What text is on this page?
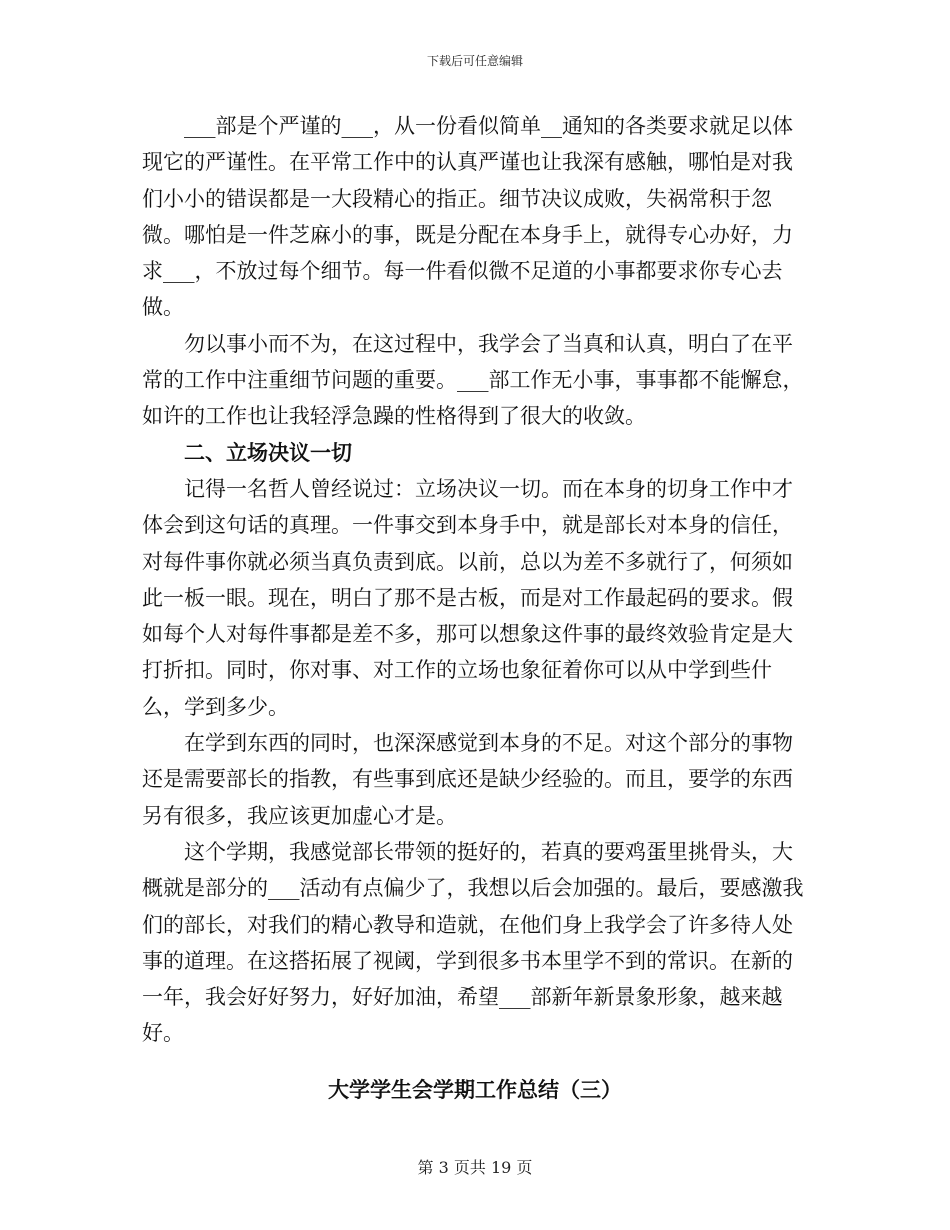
下载后可任意编辑

___部是个严谨的___，从一份看似简单__通知的各类要求就足以体现它的严谨性。在平常工作中的认真严谨也让我深有感触，哪怕是对我们小小的错误都是一大段精心的指正。细节决议成败，失祸常积于忽微。哪怕是一件芝麻小的事，既是分配在本身手上，就得专心办好，力求___，不放过每个细节。每一件看似微不足道的小事都要求你专心去做。

勿以事小而不为，在这过程中，我学会了当真和认真，明白了在平常的工作中注重细节问题的重要。___部工作无小事，事事都不能懈怠，如许的工作也让我轻浮急躁的性格得到了很大的收敛。

二、立场决议一切

记得一名哲人曾经说过：立场决议一切。而在本身的切身工作中才体会到这句话的真理。一件事交到本身手中，就是部长对本身的信任，对每件事你就必须当真负责到底。以前，总以为差不多就行了，何须如此一板一眼。现在，明白了那不是古板，而是对工作最起码的要求。假如每个人对每件事都是差不多，那可以想象这件事的最终效验肯定是大打折扣。同时，你对事、对工作的立场也象征着你可以从中学到些什么，学到多少。

在学到东西的同时，也深深感觉到本身的不足。对这个部分的事物还是需要部长的指教，有些事到底还是缺少经验的。而且，要学的东西另有很多，我应该更加虚心才是。

这个学期，我感觉部长带领的挺好的，若真的要鸡蛋里挑骨头，大概就是部分的___活动有点偏少了，我想以后会加强的。最后，要感激我们的部长，对我们的精心教导和造就，在他们身上我学会了许多待人处事的道理。在这搭拓展了视阈，学到很多书本里学不到的常识。在新的一年，我会好好努力，好好加油，希望___部新年新景象形象，越来越好。

大学学生会学期工作总结（三）
第 3 页共 19 页
